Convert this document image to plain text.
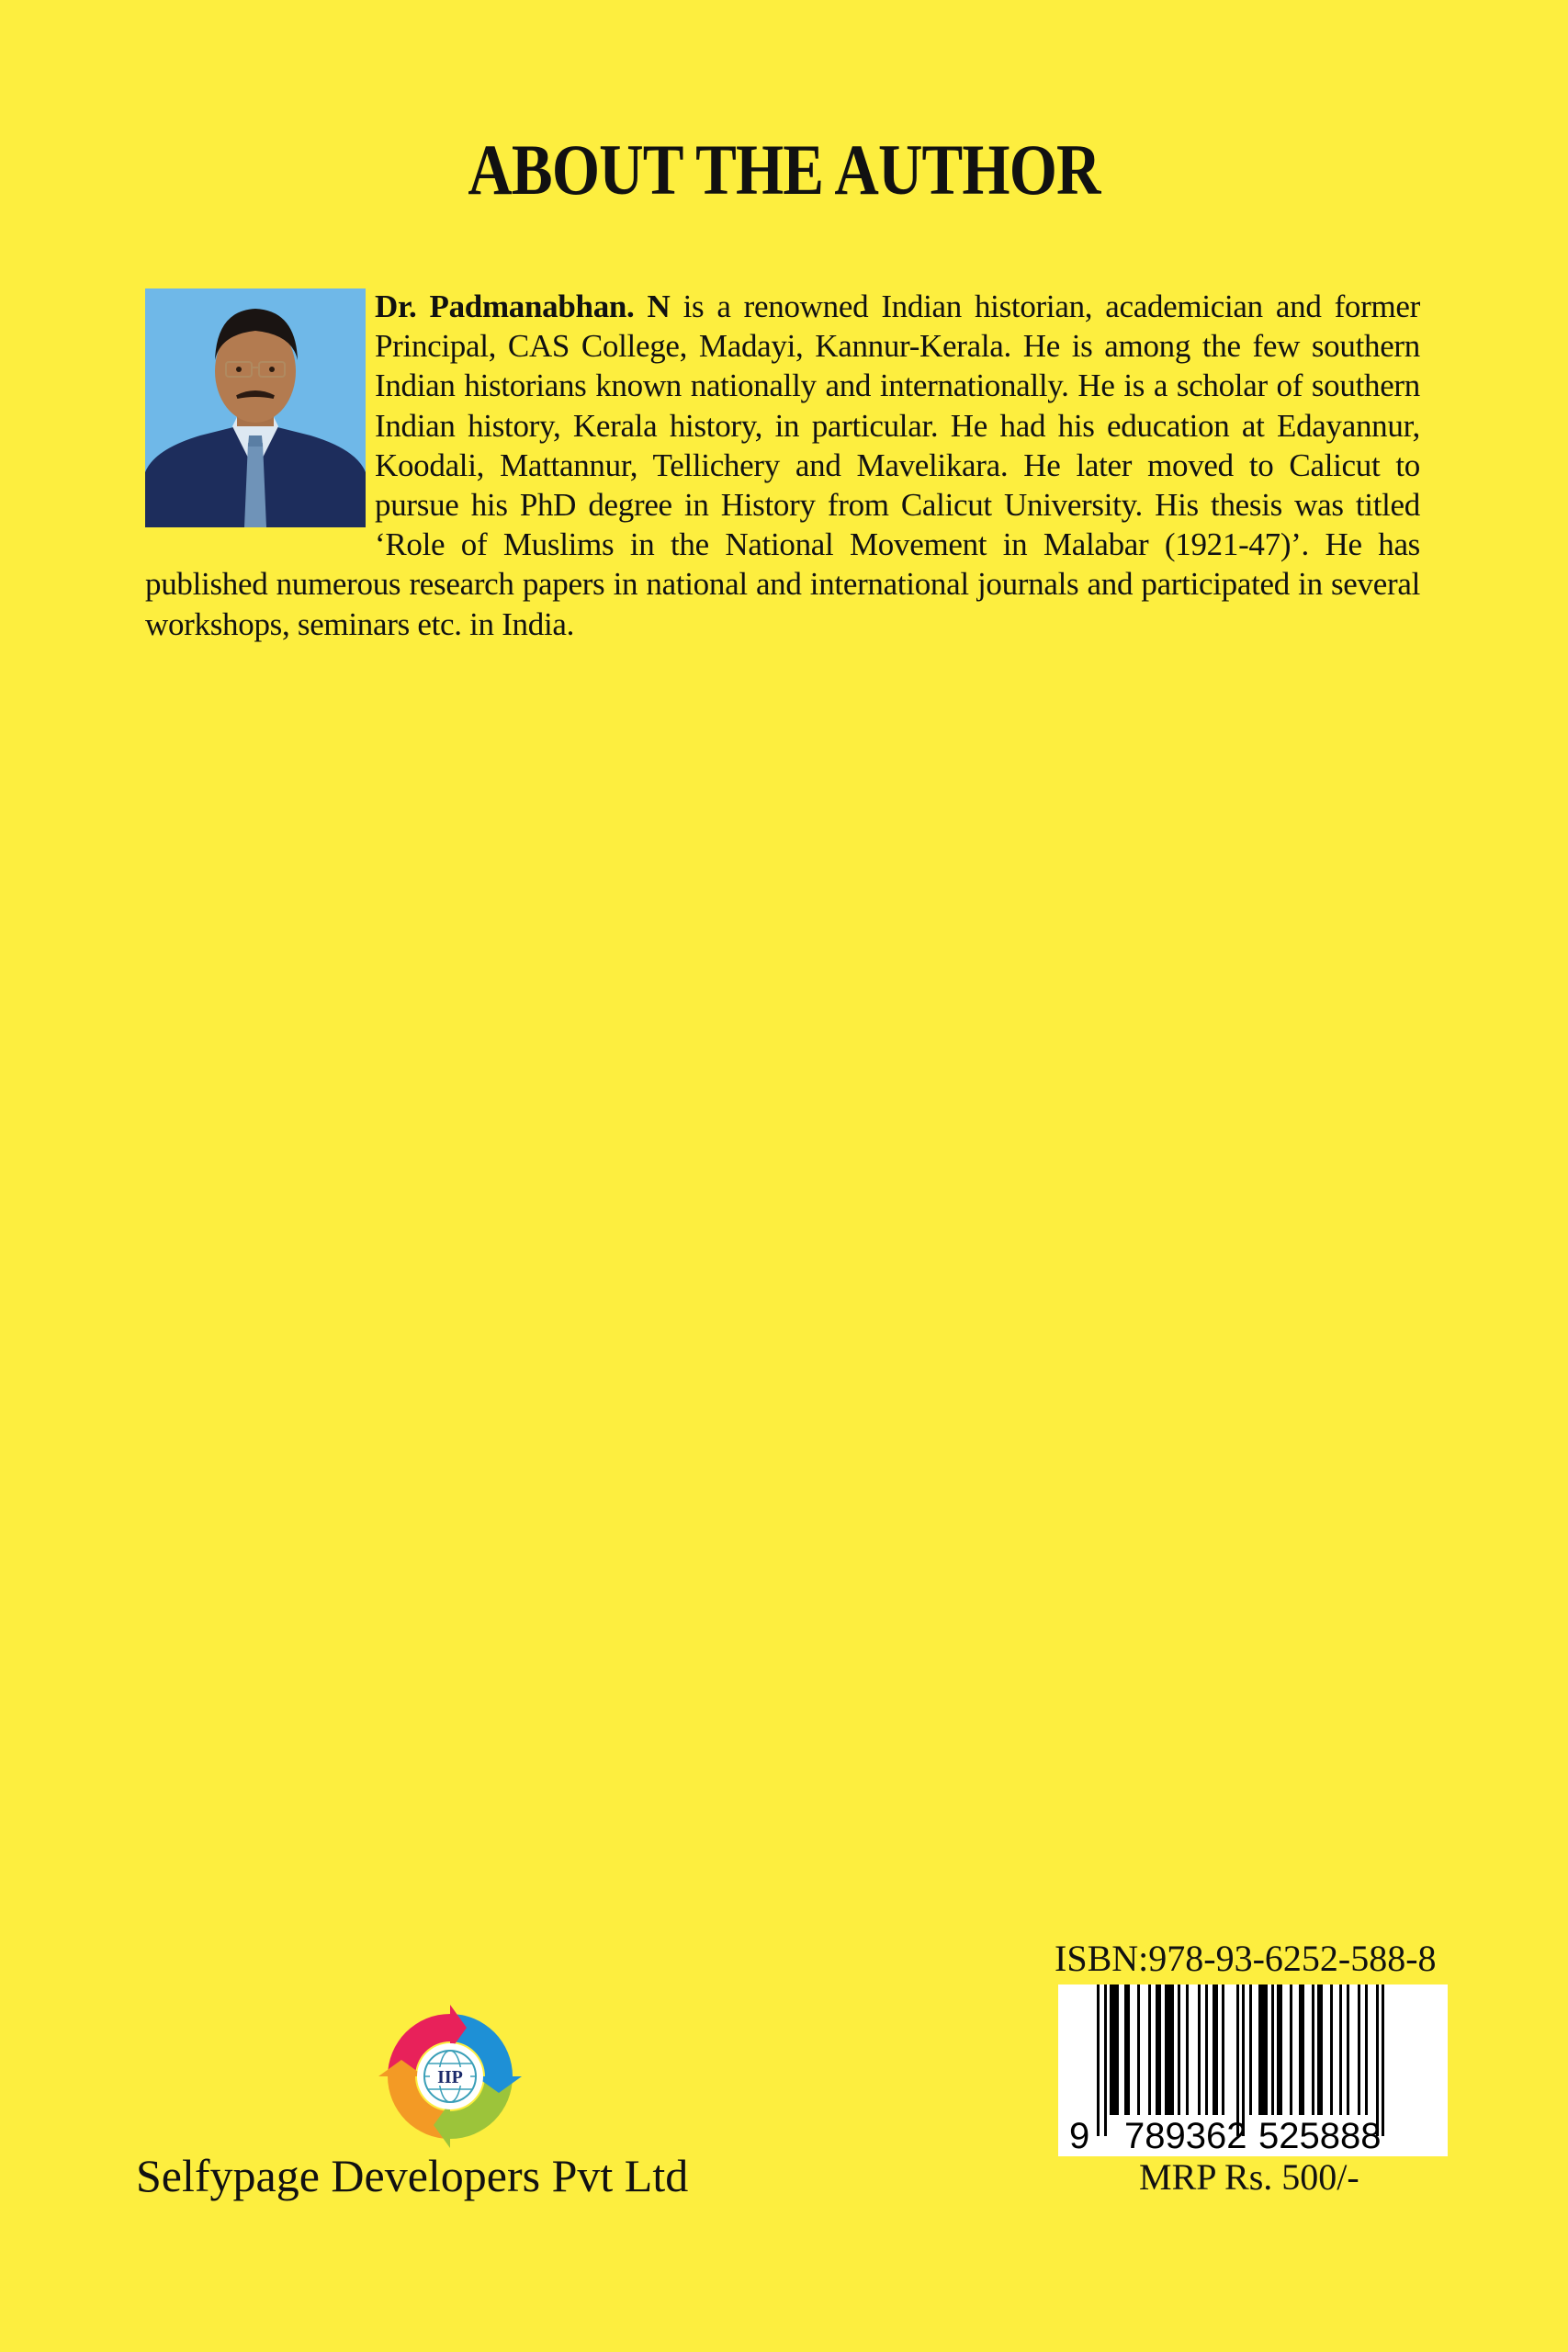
ABOUT THE AUTHOR
Dr. Padmanabhan. N is a renowned Indian historian, academician and former Principal, CAS College, Madayi, Kannur-Kerala. He is among the few southern Indian historians known nationally and internationally. He is a scholar of southern Indian history, Kerala history, in particular. He had his education at Edayannur, Koodali, Mattannur, Tellichery and Mavelikara. He later moved to Calicut to pursue his PhD degree in History from Calicut University. His thesis was titled ‘Role of Muslims in the National Movement in Malabar (1921-47)’. He has published numerous research papers in national and international journals and participated in several workshops, seminars etc. in India.
IIP
Selfypage Developers Pvt Ltd
ISBN:978-93-6252-588-8
9 789362 525888
MRP Rs. 500/-
